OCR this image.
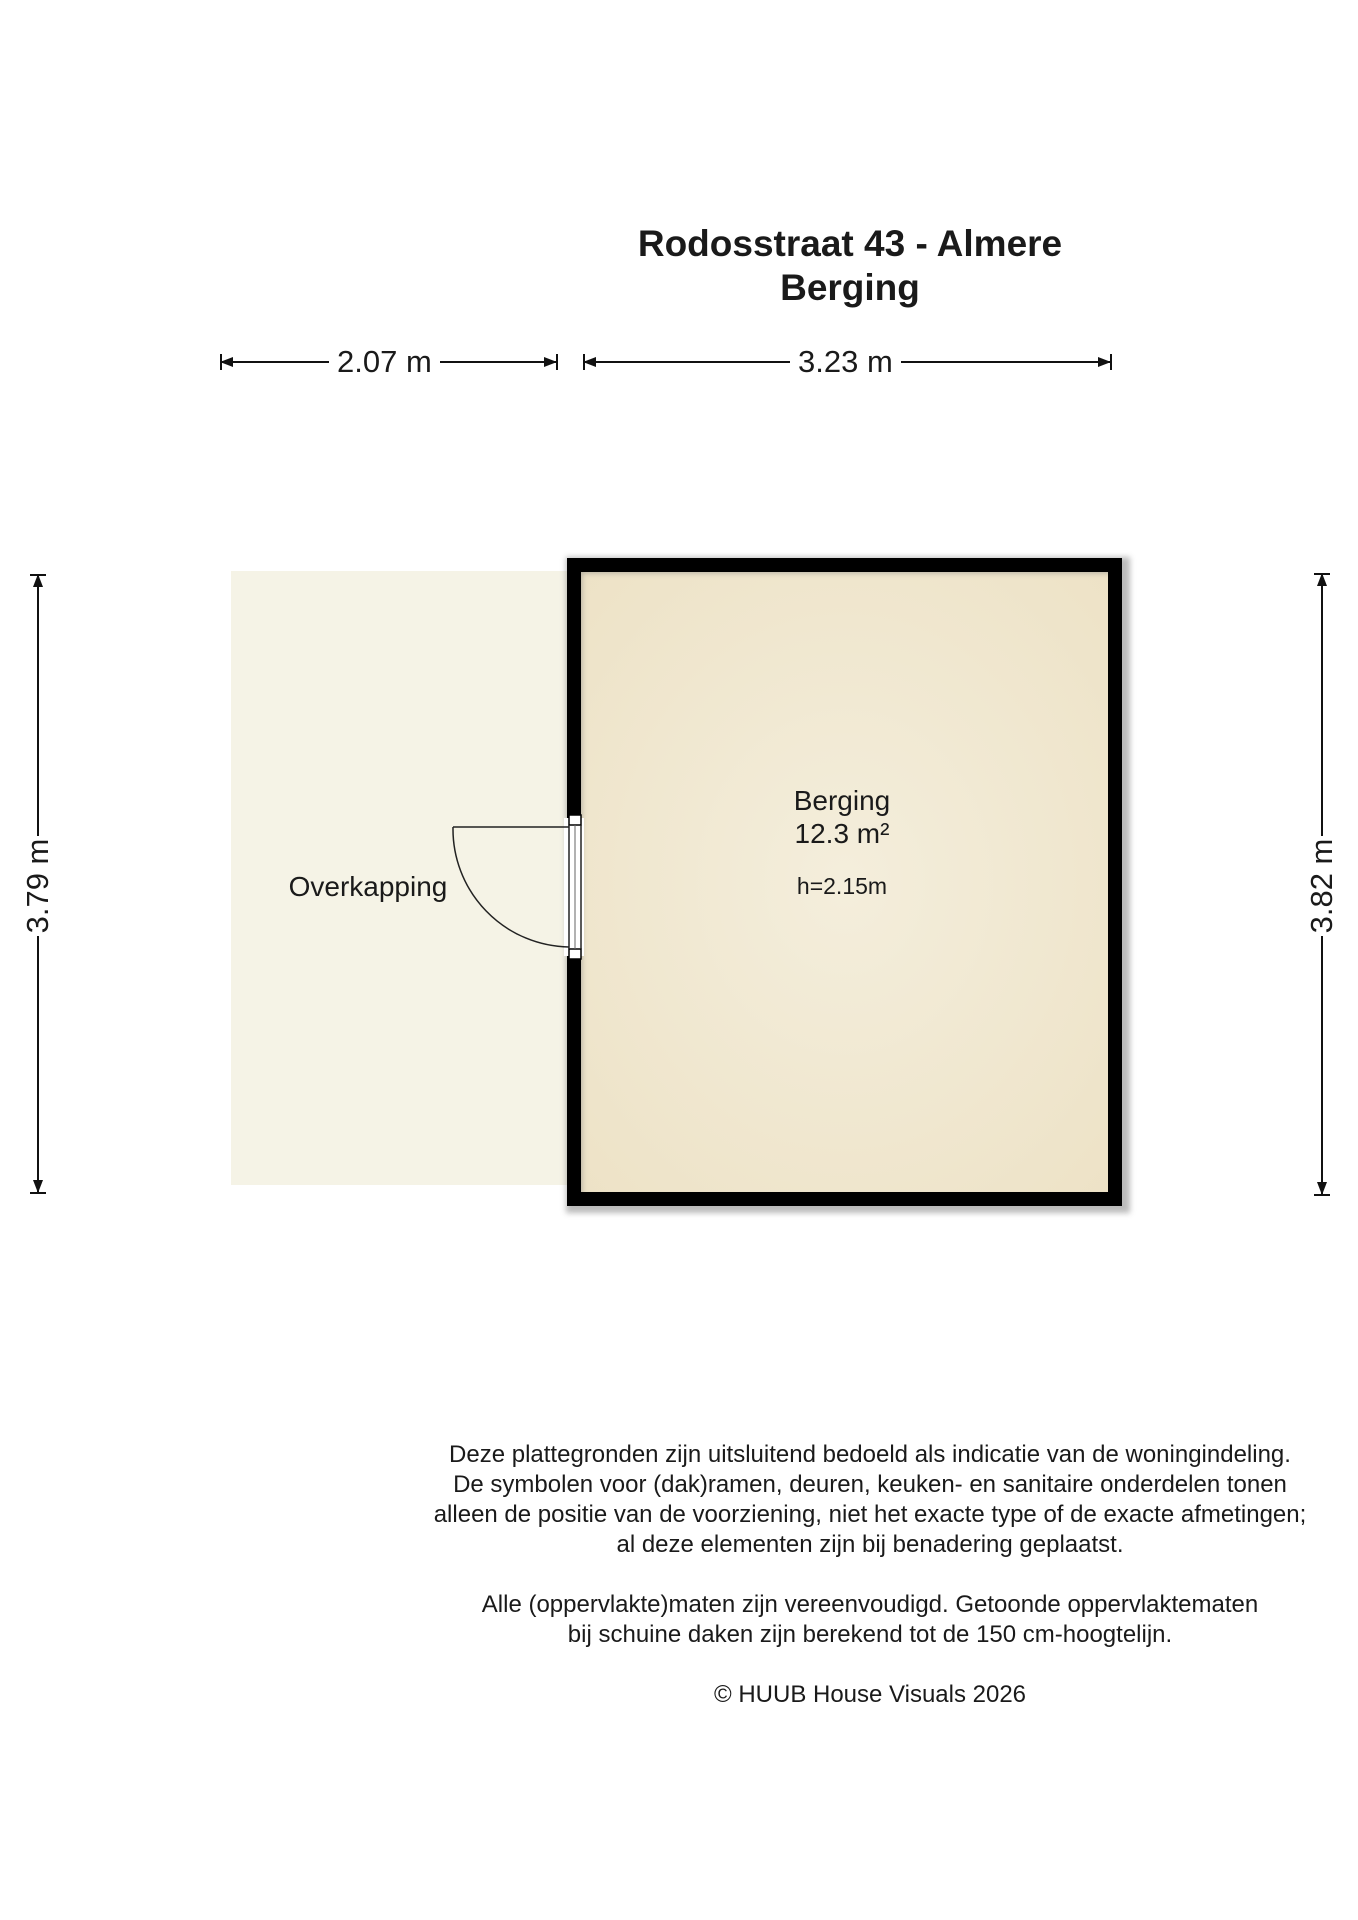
Rodosstraat 43 - Almere
Berging
2.07 m	3.23 m
3.79 m	3.82 m
Berging
12.3 m²
h=2.15m
Overkapping

Deze plattegronden zijn uitsluitend bedoeld als indicatie van de woningindeling.
De symbolen voor (dak)ramen, deuren, keuken- en sanitaire onderdelen tonen
alleen de positie van de voorziening, niet het exacte type of de exacte afmetingen;
al deze elementen zijn bij benadering geplaatst.

Alle (oppervlakte)maten zijn vereenvoudigd. Getoonde oppervlaktematen
bij schuine daken zijn berekend tot de 150 cm-hoogtelijn.

© HUUB House Visuals 2026
